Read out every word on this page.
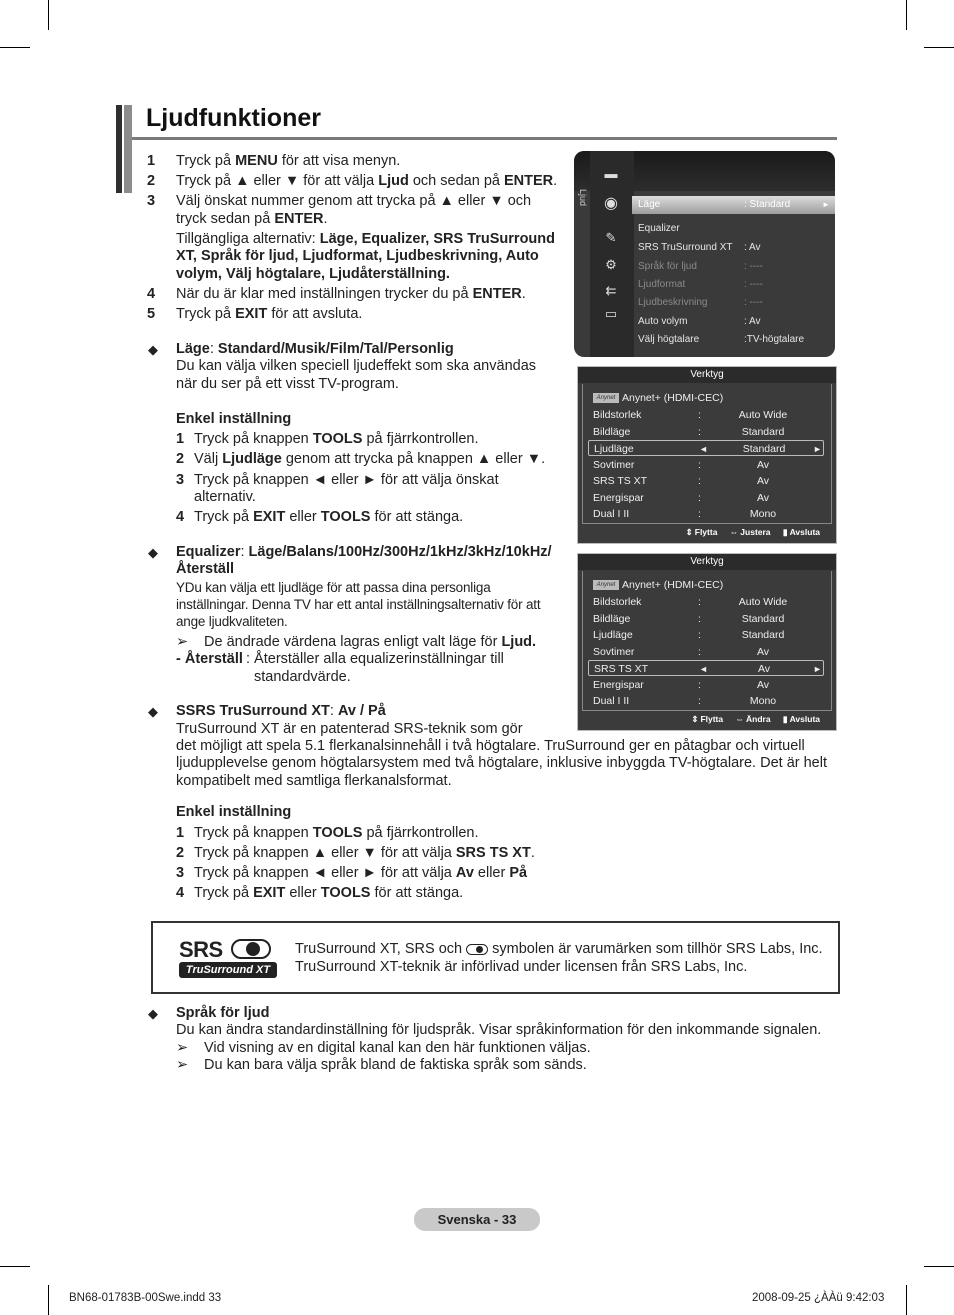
Ljudfunktioner
1 Tryck på MENU för att visa menyn.
2 Tryck på ▲ eller ▼ för att välja Ljud och sedan på ENTER.
3 Välj önskat nummer genom att trycka på ▲ eller ▼ och
tryck sedan på ENTER.
Tillgängliga alternativ: Läge, Equalizer, SRS TruSurround
XT, Språk för ljud, Ljudformat, Ljudbeskrivning, Auto
volym, Välj högtalare, Ljudåterställning.
4 När du är klar med inställningen trycker du på ENTER.
5 Tryck på EXIT för att avsluta.
◆ Läge: Standard/Musik/Film/Tal/Personlig
Du kan välja vilken speciell ljudeffekt som ska användas
när du ser på ett visst TV-program.
Enkel inställning
1 Tryck på knappen TOOLS på fjärrkontrollen.
2 Välj Ljudläge genom att trycka på knappen ▲ eller ▼.
3 Tryck på knappen ◄ eller ► för att välja önskat
alternativ.
4 Tryck på EXIT eller TOOLS för att stänga.
◆ Equalizer: Läge/Balans/100Hz/300Hz/1kHz/3kHz/10kHz/
Återställ
YDu kan välja ett ljudläge för att passa dina personliga
inställningar. Denna TV har ett antal inställningsalternativ för att
ange ljudkvaliteten.
➢ De ändrade värdena lagras enligt valt läge för Ljud.
- Återställ : Återställer alla equalizerinställningar till
standardvärde.
◆ SSRS TruSurround XT: Av / På
TruSurround XT är en patenterad SRS-teknik som gör
det möjligt att spela 5.1 flerkanalsinnehåll i två högtalare. TruSurround ger en påtagbar och virtuell
ljudupplevelse genom högtalarsystem med två högtalare, inklusive inbyggda TV-högtalare. Det är helt
kompatibelt med samtliga flerkanalsformat.
Enkel inställning
1 Tryck på knappen TOOLS på fjärrkontrollen.
2 Tryck på knappen ▲ eller ▼ för att välja SRS TS XT.
3 Tryck på knappen ◄ eller ► för att välja Av eller På
4 Tryck på EXIT eller TOOLS för att stänga.
SRS
TruSurround XT
TruSurround XT, SRS och symbolen är varumärken som tillhör SRS Labs, Inc.
TruSurround XT-teknik är införlivad under licensen från SRS Labs, Inc.
◆ Språk för ljud
Du kan ändra standardinställning för ljudspråk. Visar språkinformation för den inkommande signalen.
➢ Vid visning av en digital kanal kan den här funktionen väljas.
➢ Du kan bara välja språk bland de faktiska språk som sänds.
Ljud
▬
◉
✎
⚙
⇇
▭
Läge	: Standard	►
Equalizer
SRS TruSurround XT : Av
Språk för ljud	: ----
Ljudformat	: ----
Ljudbeskrivning	: ----
Auto volym	: Av
Välj högtalare	:TV-högtalare
Verktyg
Anynet Anynet+ (HDMI-CEC)
Bildstorlek	:	Auto Wide
Bildläge	:	Standard
Ljudläge	◄	Standard	►
Sovtimer	:	Av
SRS TS XT	:	Av
Energispar	:	Av
Dual I II	:	Mono
⇕ Flytta ⇔ Justera ▮ Avsluta
Verktyg
Anynet Anynet+ (HDMI-CEC)
Bildstorlek	:	Auto Wide
Bildläge	:	Standard
Ljudläge	:	Standard
Sovtimer	:	Av
SRS TS XT	◄	Av	►
Energispar	:	Av
Dual I II	:	Mono
⇕ Flytta ⇔ Ändra ▮ Avsluta
Svenska - 33
BN68-01783B-00Swe.indd 33	2008-09-25 ¿ÀÀü 9:42:03
